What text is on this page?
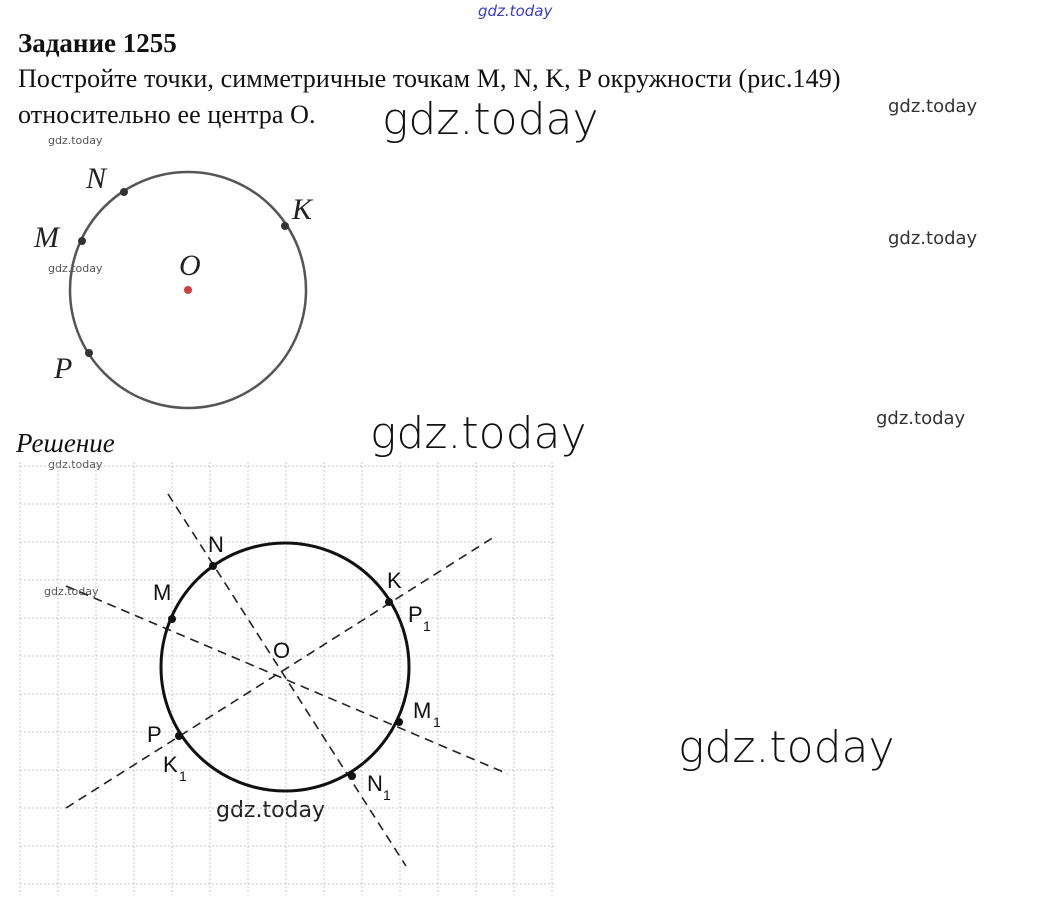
gdz.today
Задание 1255
Постройте точки, симметричные точкам M, N, K, P окружности (рис.149)
относительно ее центра O. gdz.today	gdz.today
gdz.today
gdz.today
gdz.today
gdz.today	gdz.today
gdz.today
gdz.today
gdz.today
gdz.today
Решение
N
M
K
O
P
N
M	K
P 1
O
M 1
P
K 1	N 1
